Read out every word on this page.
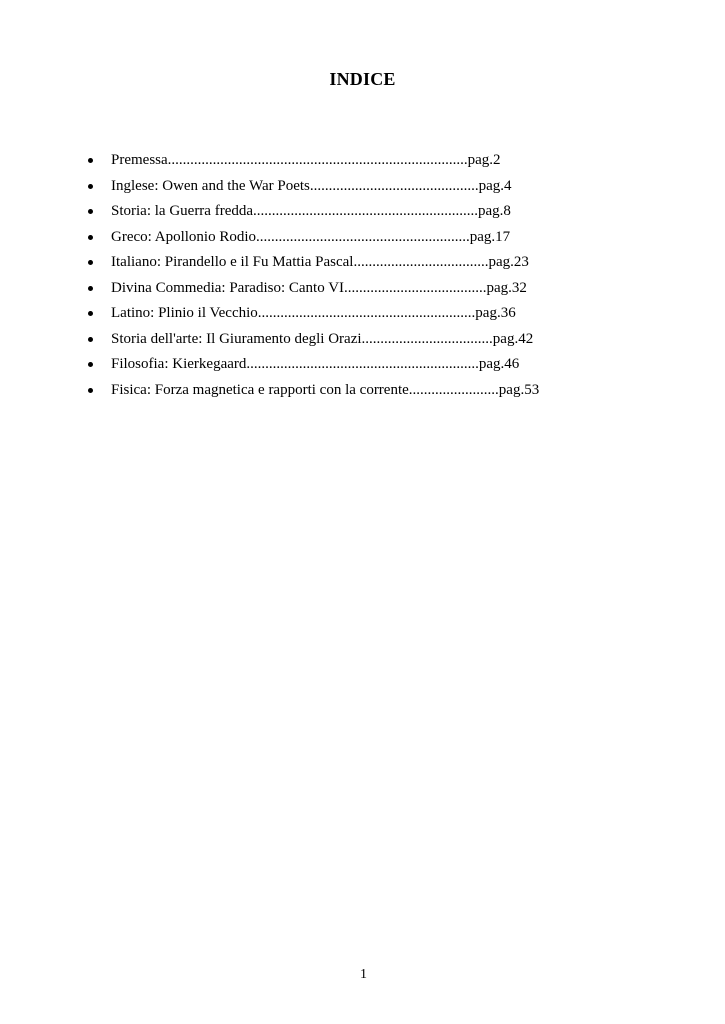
INDICE
Premessa................................................................................pag.2
Inglese: Owen and the War Poets.............................................pag.4
Storia: la Guerra fredda............................................................pag.8
Greco: Apollonio Rodio.........................................................pag.17
Italiano: Pirandello e il Fu Mattia Pascal....................................pag.23
Divina Commedia: Paradiso: Canto VI......................................pag.32
Latino: Plinio il Vecchio..........................................................pag.36
Storia dell'arte: Il Giuramento degli Orazi...................................pag.42
Filosofia: Kierkegaard..............................................................pag.46
Fisica: Forza magnetica e rapporti con la corrente........................pag.53
1
